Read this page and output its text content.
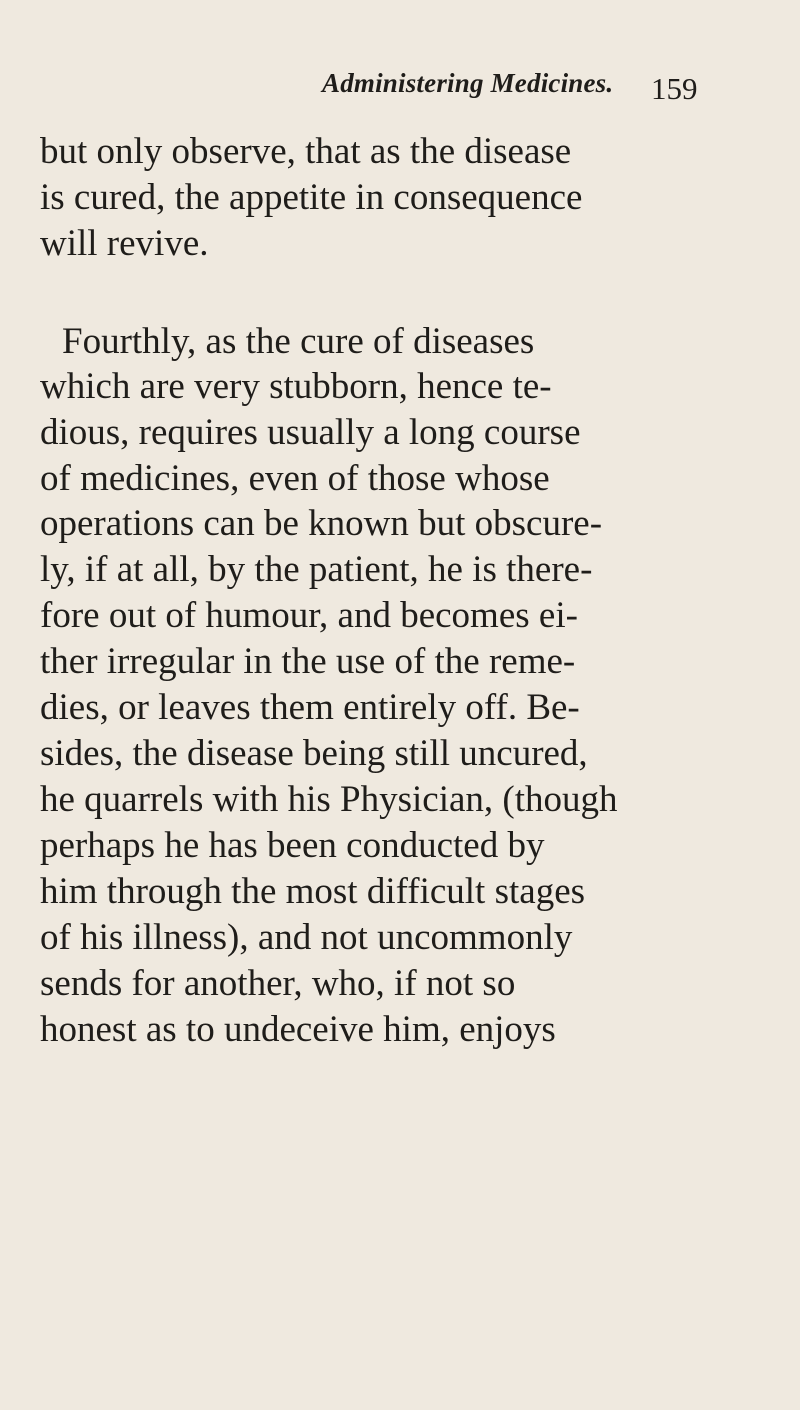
Administering Medicines. 159
but only observe, that as the disease
is cured, the appetite in consequence
will revive.
Fourthly, as the cure of diseases
which are very stubborn, hence te-
dious, requires usually a long course
of medicines, even of those whose
operations can be known but obscure-
ly, if at all, by the patient, he is there-
fore out of humour, and becomes ei-
ther irregular in the use of the reme-
dies, or leaves them entirely off. Be-
sides, the disease being still uncured,
he quarrels with his Physician, (though
perhaps he has been conducted by
him through the most difficult stages
of his illness), and not uncommonly
sends for another, who, if not so
honest as to undeceive him, enjoys
